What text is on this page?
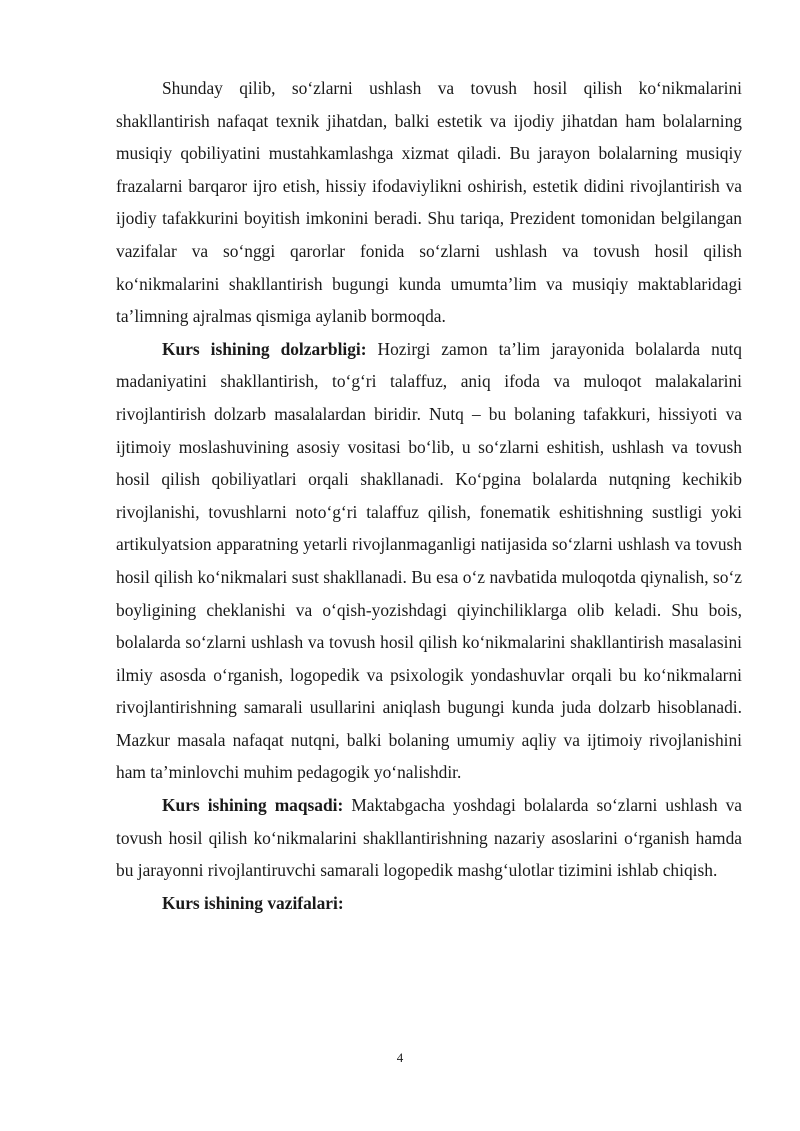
Shunday qilib, so‘zlarni ushlash va tovush hosil qilish ko‘nikmalarini shakllantirish nafaqat texnik jihatdan, balki estetik va ijodiy jihatdan ham bolalarning musiqiy qobiliyatini mustahkamlashga xizmat qiladi. Bu jarayon bolalarning musiqiy frazalarni barqaror ijro etish, hissiy ifodaviylikni oshirish, estetik didini rivojlantirish va ijodiy tafakkurini boyitish imkonini beradi. Shu tariqa, Prezident tomonidan belgilangan vazifalar va so‘nggi qarorlar fonida so‘zlarni ushlash va tovush hosil qilish ko‘nikmalarini shakllantirish bugungi kunda umumta’lim va musiqiy maktablaridagi ta’limning ajralmas qismiga aylanib bormoqda.

Kurs ishining dolzarbligi: Hozirgi zamon ta’lim jarayonida bolalarda nutq madaniyatini shakllantirish, to‘g‘ri talaffuz, aniq ifoda va muloqot malakalarini rivojlantirish dolzarb masalalardan biridir. Nutq – bu bolaning tafakkuri, hissiyoti va ijtimoiy moslashuvining asosiy vositasi bo‘lib, u so‘zlarni eshitish, ushlash va tovush hosil qilish qobiliyatlari orqali shakllanadi. Ko‘pgina bolalarda nutqning kechikib rivojlanishi, tovushlarni noto‘g‘ri talaffuz qilish, fonematik eshitishning sustligi yoki artikulyatsion apparatning yetarli rivojlanmaganligi natijasida so‘zlarni ushlash va tovush hosil qilish ko‘nikmalari sust shakllanadi. Bu esa o‘z navbatida muloqotda qiynalish, so‘z boyligining cheklanishi va o‘qish-yozishdagi qiyinchiliklarga olib keladi. Shu bois, bolalarda so‘zlarni ushlash va tovush hosil qilish ko‘nikmalarini shakllantirish masalasini ilmiy asosda o‘rganish, logopedik va psixologik yondashuvlar orqali bu ko‘nikmalarni rivojlantirishning samarali usullarini aniqlash bugungi kunda juda dolzarb hisoblanadi. Mazkur masala nafaqat nutqni, balki bolaning umumiy aqliy va ijtimoiy rivojlanishini ham ta’minlovchi muhim pedagogik yo‘nalishdir.

Kurs ishining maqsadi: Maktabgacha yoshdagi bolalarda so‘zlarni ushlash va tovush hosil qilish ko‘nikmalarini shakllantirishning nazariy asoslarini o‘rganish hamda bu jarayonni rivojlantiruvchi samarali logopedik mashg‘ulotlar tizimini ishlab chiqish.

Kurs ishining vazifalari:

4
